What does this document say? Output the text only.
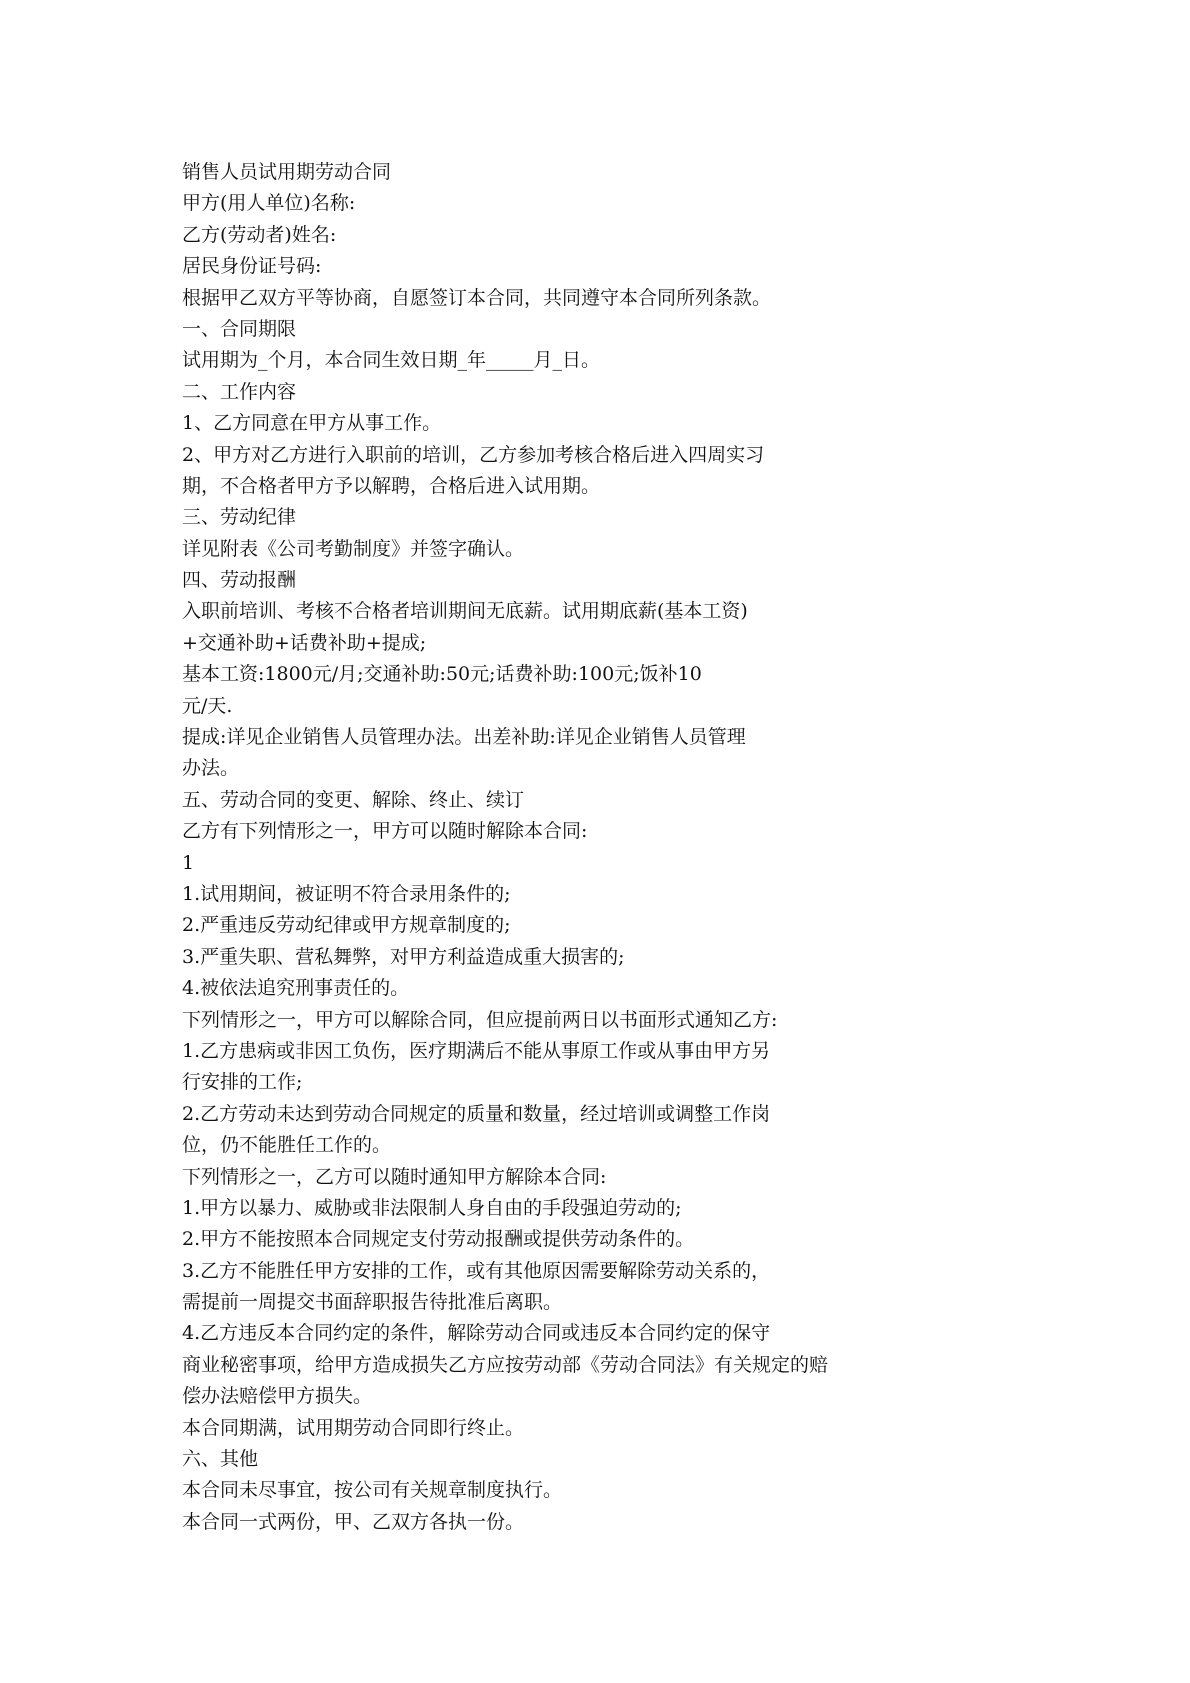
销售人员试用期劳动合同
甲方(用人单位)名称:
乙方(劳动者)姓名:
居民身份证号码:
根据甲乙双方平等协商，自愿签订本合同，共同遵守本合同所列条款。
一、合同期限
试用期为_个月，本合同生效日期_年_____月_日。
二、工作内容
1、乙方同意在甲方从事工作。
2、甲方对乙方进行入职前的培训，乙方参加考核合格后进入四周实习
期，不合格者甲方予以解聘，合格后进入试用期。
三、劳动纪律
详见附表《公司考勤制度》并签字确认。
四、劳动报酬
入职前培训、考核不合格者培训期间无底薪。试用期底薪(基本工资)
+交通补助+话费补助+提成;
基本工资:1800元/月;交通补助:50元;话费补助:100元;饭补10
元/天.
提成:详见企业销售人员管理办法。出差补助:详见企业销售人员管理
办法。
五、劳动合同的变更、解除、终止、续订
乙方有下列情形之一，甲方可以随时解除本合同:
1
1.试用期间，被证明不符合录用条件的;
2.严重违反劳动纪律或甲方规章制度的;
3.严重失职、营私舞弊，对甲方利益造成重大损害的;
4.被依法追究刑事责任的。
下列情形之一，甲方可以解除合同，但应提前两日以书面形式通知乙方:
1.乙方患病或非因工负伤，医疗期满后不能从事原工作或从事由甲方另
行安排的工作;
2.乙方劳动未达到劳动合同规定的质量和数量，经过培训或调整工作岗
位，仍不能胜任工作的。
下列情形之一，乙方可以随时通知甲方解除本合同:
1.甲方以暴力、威胁或非法限制人身自由的手段强迫劳动的;
2.甲方不能按照本合同规定支付劳动报酬或提供劳动条件的。
3.乙方不能胜任甲方安排的工作，或有其他原因需要解除劳动关系的，
需提前一周提交书面辞职报告待批准后离职。
4.乙方违反本合同约定的条件，解除劳动合同或违反本合同约定的保守
商业秘密事项，给甲方造成损失乙方应按劳动部《劳动合同法》有关规定的赔
偿办法赔偿甲方损失。
本合同期满，试用期劳动合同即行终止。
六、其他
本合同未尽事宜，按公司有关规章制度执行。
本合同一式两份，甲、乙双方各执一份。
